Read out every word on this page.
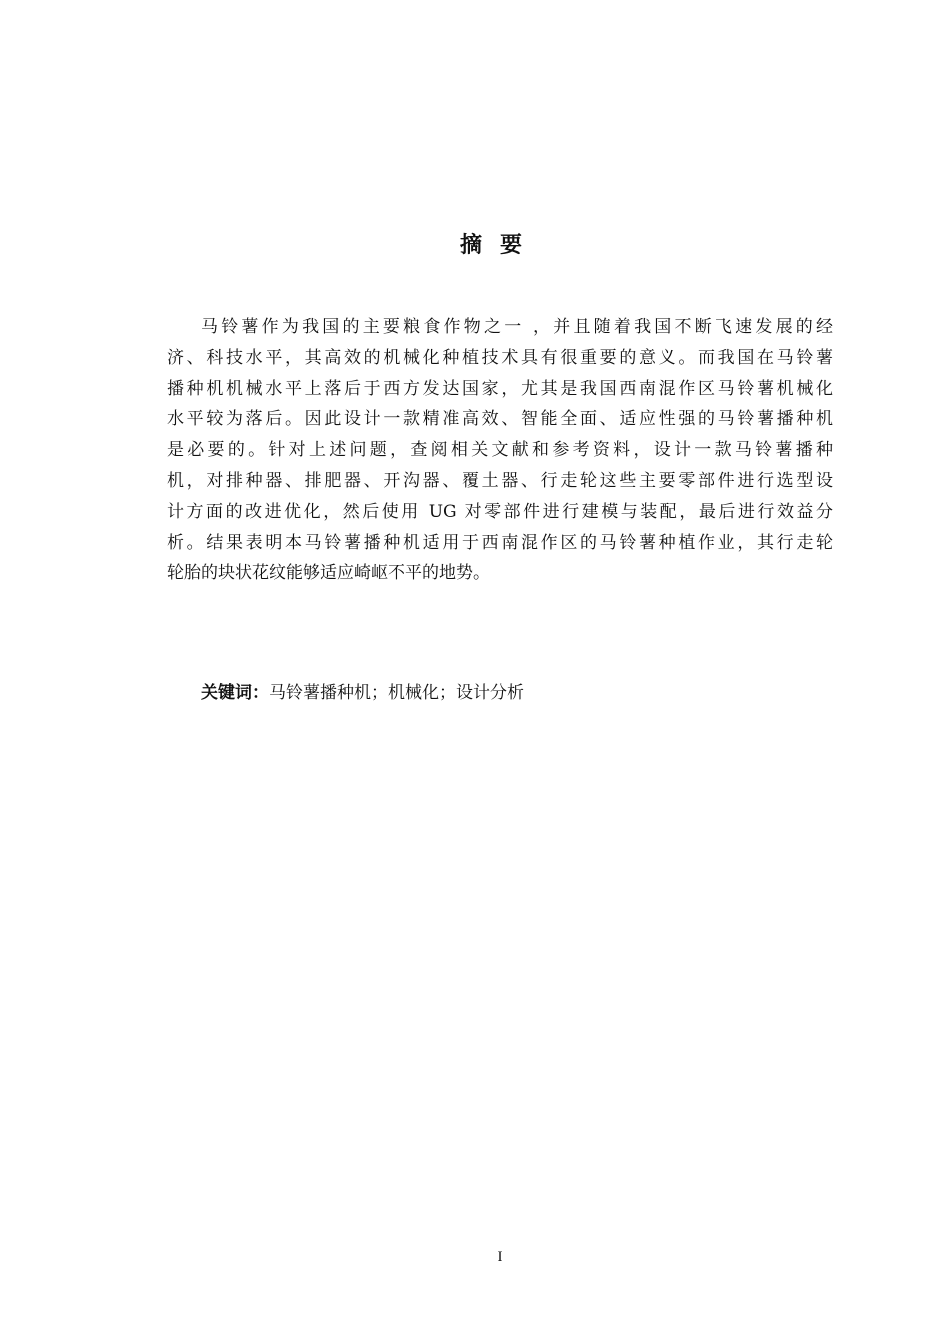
摘要

马铃薯作为我国的主要粮食作物之一 ，并且随着我国不断飞速发展的经
济、科技水平，其高效的机械化种植技术具有很重要的意义。而我国在马铃薯
播种机机械水平上落后于西方发达国家，尤其是我国西南混作区马铃薯机械化
水平较为落后。因此设计一款精准高效、智能全面、适应性强的马铃薯播种机
是必要的。针对上述问题，查阅相关文献和参考资料，设计一款马铃薯播种
机，对排种器、排肥器、开沟器、覆土器、行走轮这些主要零部件进行选型设
计方面的改进优化，然后使用 UG 对零部件进行建模与装配，最后进行效益分
析。结果表明本马铃薯播种机适用于西南混作区的马铃薯种植作业，其行走轮
轮胎的块状花纹能够适应崎岖不平的地势。

关键词：马铃薯播种机；机械化；设计分析
I
